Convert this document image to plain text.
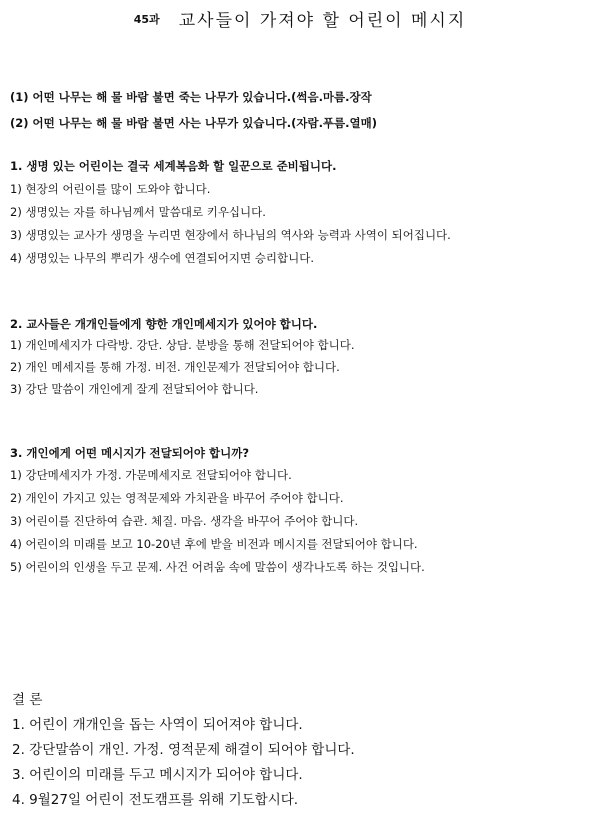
45과 교사들이 가져야 할 어린이 메시지
(1) 어떤 나무는 해 물 바람 불면 죽는 나무가 있습니다.(썩음.마름.장작
(2) 어떤 나무는 해 물 바람 불면 사는 나무가 있습니다.(자람.푸름.열매)
1. 생명 있는 어린이는 결국 세계복음화 할 일꾼으로 준비됩니다.
1) 현장의 어린이를 많이 도와야 합니다.
2) 생명있는 자를 하나님께서 말씀대로 키우십니다.
3) 생명있는 교사가 생명을 누리면 현장에서 하나님의 역사와 능력과 사역이 되어집니다.
4) 생명있는 나무의 뿌리가 생수에 연결되어지면 승리합니다.
2. 교사들은 개개인들에게 향한 개인메세지가 있어야 합니다.
1) 개인메세지가 다락방. 강단. 상담. 분방을 통해 전달되어야 합니다.
2) 개인 메세지를 통해 가정. 비전. 개인문제가 전달되어야 합니다.
3) 강단 말씀이 개인에게 잘게 전달되어야 합니다.
3. 개인에게 어떤 메시지가 전달되어야 합니까?
1) 강단메세지가 가정. 가문메세지로 전달되어야 합니다.
2) 개인이 가지고 있는 영적문제와 가치관을 바꾸어 주어야 합니다.
3) 어린이를 진단하여 습관. 체질. 마음. 생각을 바꾸어 주어야 합니다.
4) 어린이의 미래를 보고 10-20년 후에 받을 비전과 메시지를 전달되어야 합니다.
5) 어린이의 인생을 두고 문제. 사건 어려움 속에 말씀이 생각나도록 하는 것입니다.
결 론
1. 어린이 개개인을 돕는 사역이 되어져야 합니다.
2. 강단말씀이 개인. 가정. 영적문제 해결이 되어야 합니다.
3. 어린이의 미래를 두고 메시지가 되어야 합니다.
4. 9월27일 어린이 전도캠프를 위해 기도합시다.
